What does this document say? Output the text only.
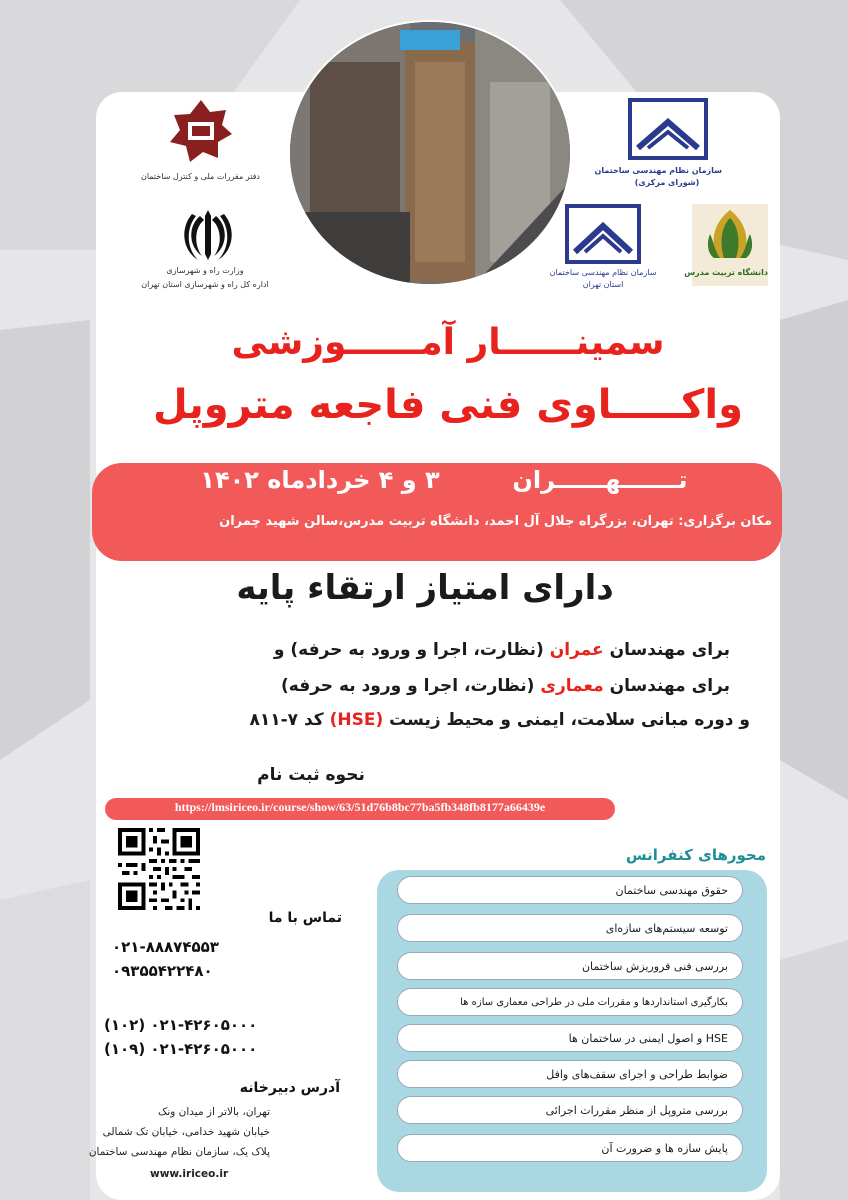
دفتر مقررات ملی و کنترل ساختمان
وزارت راه و شهرسازی
اداره کل راه و شهرسازی استان تهران
سازمان نظام مهندسی ساختمان
(شورای مرکزی)
سازمان نظام مهندسی ساختمان
استان تهران
دانشگاه تربیت مدرس
سمینــــــار آمــــــوزشی
واکـــــاوی فنی فاجعه متروپل
تـــــــهــــــران
۳ و ۴ خردادماه ۱۴۰۲
مکان برگزاری: تهران، بزرگراه جلال آل احمد، دانشگاه تربیت مدرس،سالن شهید چمران
دارای امتیاز ارتقاء پایه
برای مهندسان عمران (نظارت، اجرا و ورود به حرفه) و
برای مهندسان معماری (نظارت، اجرا و ورود به حرفه)
و دوره مبانی سلامت، ایمنی و محیط زیست (HSE) کد ۷-۸۱۱
نحوه ثبت نام
https://lmsiriceo.ir/course/show/63/51d76b8bc77ba5fb348fb8177a66439e
تماس با ما
۰۲۱-۸۸۸۷۴۵۵۳
۰۹۳۵۵۴۲۲۴۸۰
۰۲۱-۴۲۶۰۵۰۰۰ (۱۰۲)
۰۲۱-۴۲۶۰۵۰۰۰ (۱۰۹)
آدرس دبیرخانه
تهران، بالاتر از میدان ونک
خیابان شهید خدامی، خیابان تک شمالی
پلاک یک، سازمان نظام مهندسی ساختمان
www.iriceo.ir
محورهای کنفرانس
حقوق مهندسی ساختمان
توسعه سیستم‌های سازه‌ای
بررسی فنی فروریزش ساختمان
بکارگیری استانداردها و مقررات ملی در طراحی معماری سازه ها
HSE و اصول ایمنی در ساختمان ها
ضوابط طراحی و اجرای سقف‌های وافل
بررسی متروپل از منظر مقررات اجرائی
پایش سازه ها و ضرورت آن
